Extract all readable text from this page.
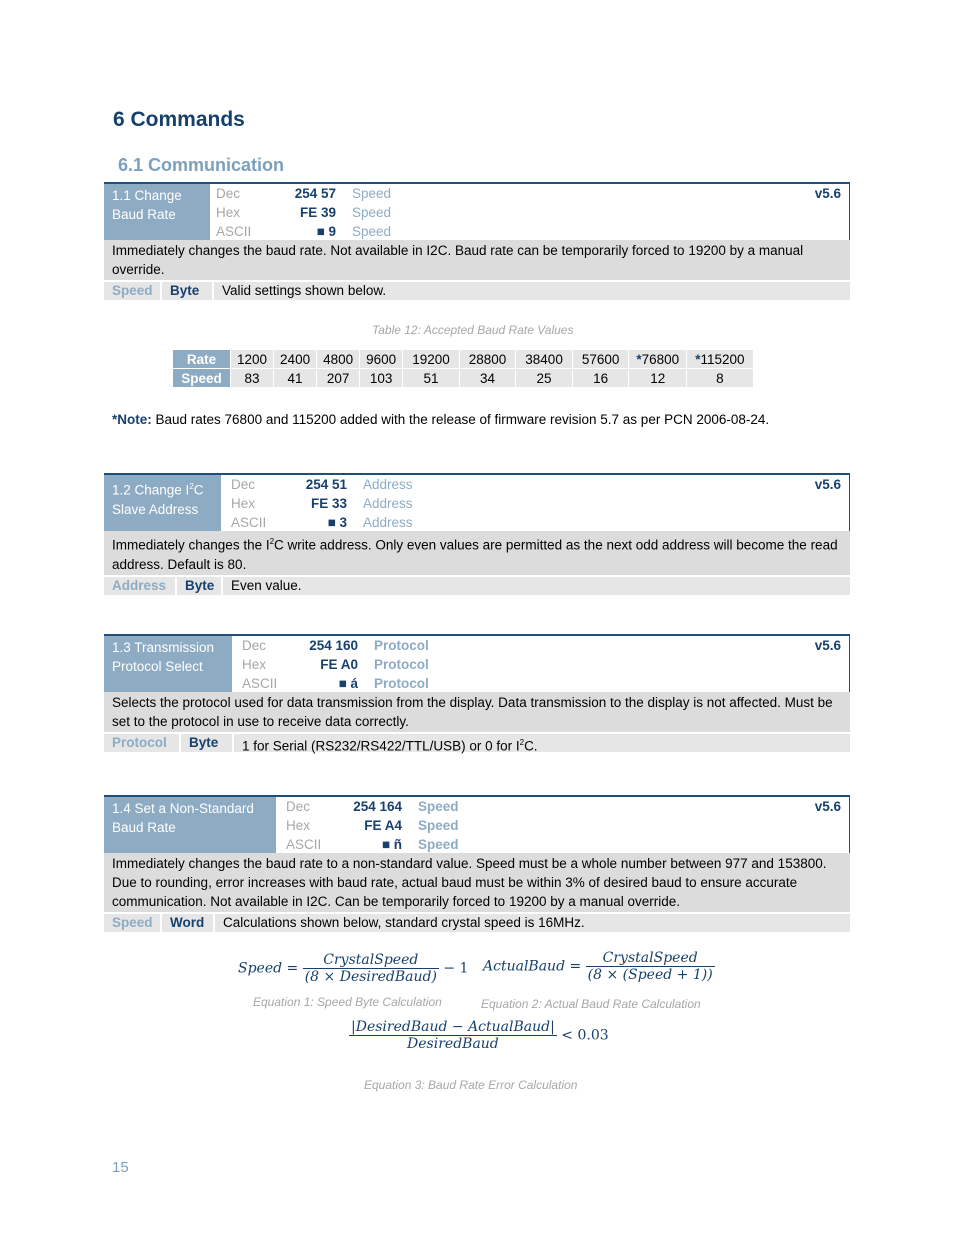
6 Commands
6.1 Communication
1.1 Change
Baud Rate
Dec	254 57	Speed
Hex	FE 39	Speed
ASCII	■ 9	Speed
v5.6
Immediately changes the baud rate. Not available in I2C. Baud rate can be temporarily forced to 19200 by a manual override.
Speed	Byte	Valid settings shown below.
Table 12: Accepted Baud Rate Values
Rate	1200	2400	4800	9600	19200	28800	38400	57600	*76800	*115200
Speed	83	41	207	103	51	34	25	16	12	8
*Note: Baud rates 76800 and 115200 added with the release of firmware revision 5.7 as per PCN 2006-08-24.
1.2 Change $I^2C$
Slave Address
Dec	254 51	Address
Hex	FE 33	Address
ASCII	■ 3	Address
v5.6
Immediately changes the $I^2C$ write address. Only even values are permitted as the next odd address will become the read address. Default is 80.
Address	Byte	Even value.
1.3 Transmission
Protocol Select
Dec	254 160	Protocol
Hex	FE A0	Protocol
ASCII	■ á	Protocol
v5.6
Selects the protocol used for data transmission from the display. Data transmission to the display is not affected. Must be set to the protocol in use to receive data correctly.
Protocol	Byte	1 for Serial (RS232/RS422/TTL/USB) or 0 for $I^2C$.
1.4 Set a Non-Standard
Baud Rate
Dec	254 164	Speed
Hex	FE A4	Speed
ASCII	■ ñ	Speed
v5.6
Immediately changes the baud rate to a non-standard value. Speed must be a whole number between 977 and 153800. Due to rounding, error increases with baud rate, actual baud must be within 3% of desired baud to ensure accurate communication. Not available in I2C. Can be temporarily forced to 19200 by a manual override.
Speed	Word	Calculations shown below, standard crystal speed is 16MHz.
Speed = $\frac{\text{CrystalSpeed}}{\text{(8 × DesiredBaud)}} - 1$
Equation 1: Speed Byte Calculation
ActualBaud = $\frac{\text{CrystalSpeed}}{\text{(8 × (Speed + 1))}}$
Equation 2: Actual Baud Rate Calculation
$\frac{\text{|DesiredBaud − ActualBaud|}}{\text{DesiredBaud}} < 0.03$
Equation 3: Baud Rate Error Calculation
15
